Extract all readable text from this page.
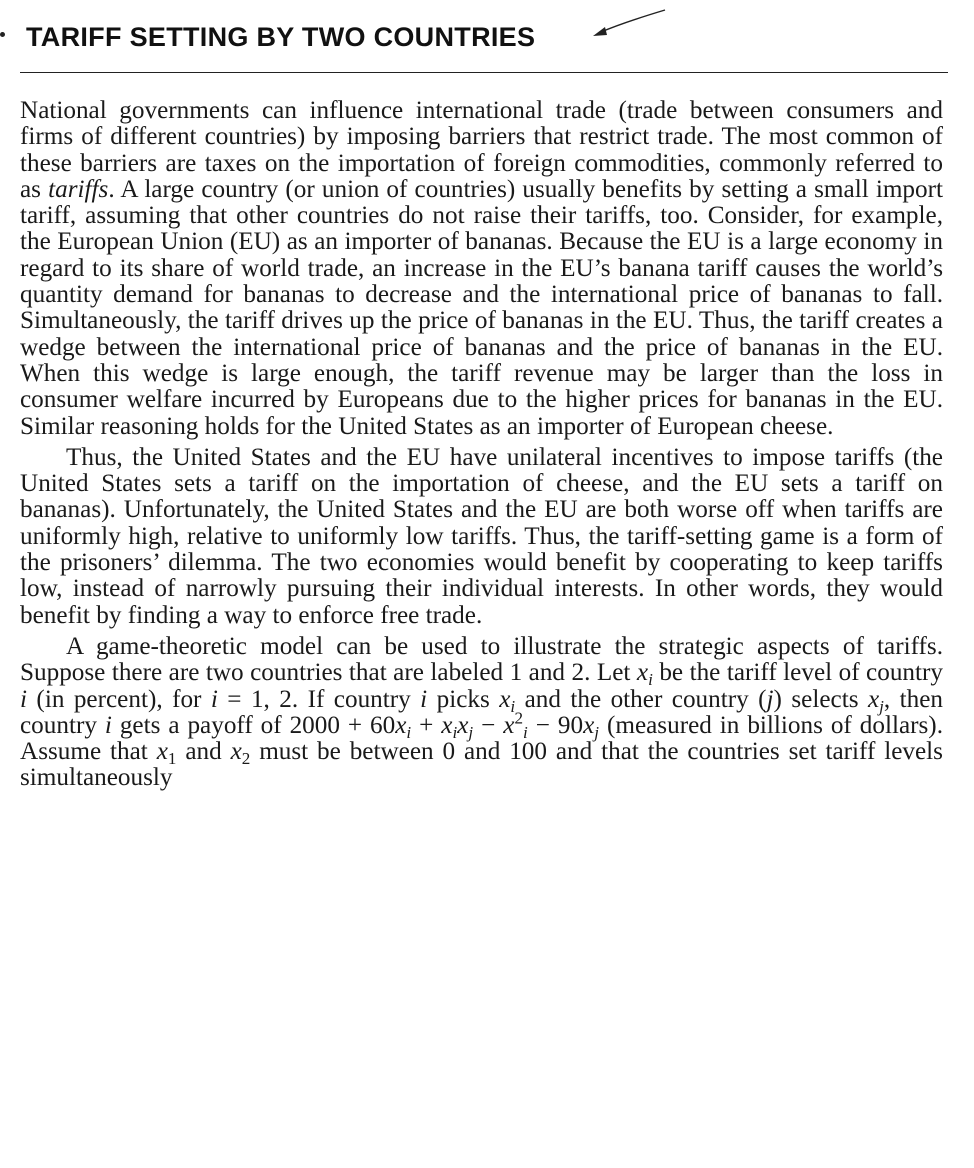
TARIFF SETTING BY TWO COUNTRIES

National governments can influence international trade (trade between consumers and firms of different countries) by imposing barriers that restrict trade. The most common of these barriers are taxes on the importation of foreign commodities, commonly referred to as tariffs. A large country (or union of countries) usually benefits by setting a small import tariff, assuming that other countries do not raise their tariffs, too. Consider, for example, the European Union (EU) as an importer of bananas. Because the EU is a large economy in regard to its share of world trade, an increase in the EU’s banana tariff causes the world’s quantity demand for bananas to decrease and the international price of bananas to fall. Simultaneously, the tariff drives up the price of bananas in the EU. Thus, the tariff creates a wedge between the international price of bananas and the price of bananas in the EU. When this wedge is large enough, the tariff revenue may be larger than the loss in consumer welfare incurred by Europeans due to the higher prices for bananas in the EU. Similar reasoning holds for the United States as an importer of European cheese.

Thus, the United States and the EU have unilateral incentives to impose tariffs (the United States sets a tariff on the importation of cheese, and the EU sets a tariff on bananas). Unfortunately, the United States and the EU are both worse off when tariffs are uniformly high, relative to uniformly low tariffs. Thus, the tariff-setting game is a form of the prisoners’ dilemma. The two economies would benefit by cooperating to keep tariffs low, instead of narrowly pursuing their individual interests. In other words, they would benefit by finding a way to enforce free trade.

A game-theoretic model can be used to illustrate the strategic aspects of tariffs. Suppose there are two countries that are labeled 1 and 2. Let $x_i$ be the tariff level of country i (in percent), for i = 1, 2. If country i picks $x_i$ and the other country (j) selects $x_j$, then country i gets a payoff of $2000 + 60x_i + x_ix_j - x^2_i - 90x_j$ (measured in billions of dollars). Assume that $x_1$ and $x_2$ must be between 0 and 100 and that the countries set tariff levels simultaneously
